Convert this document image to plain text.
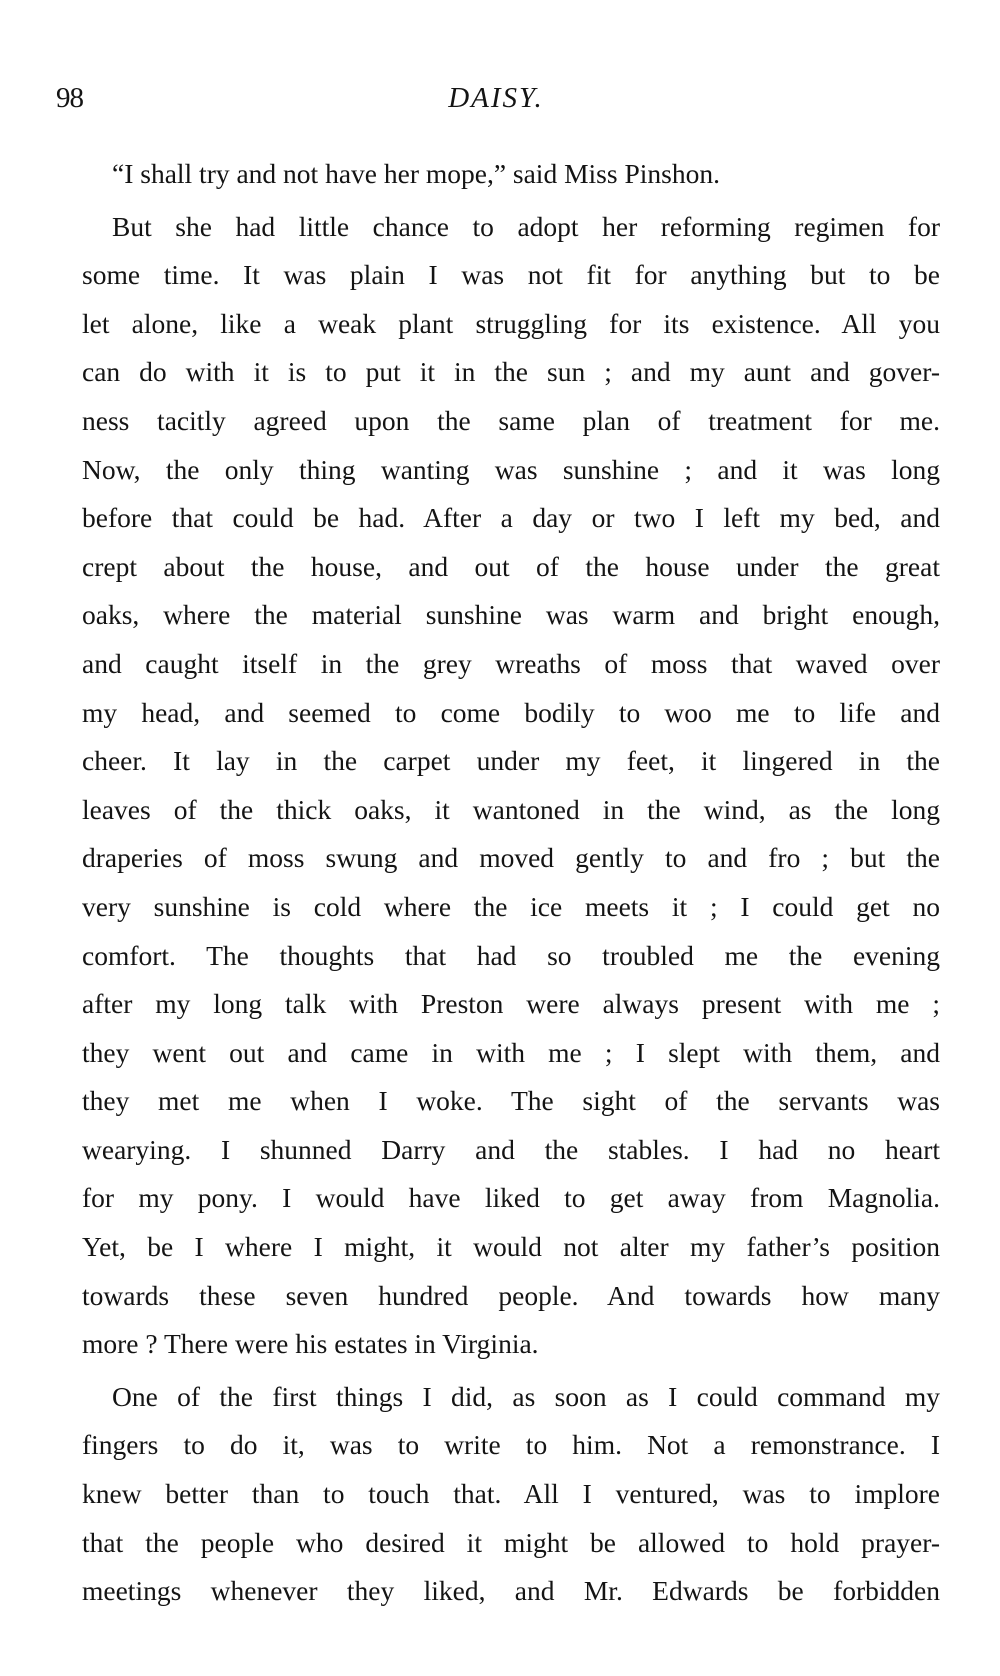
98	DAISY.
“I shall try and not have her mope,” said Miss Pinshon.
But she had little chance to adopt her reforming regimen for
some time. It was plain I was not fit for anything but to be
let alone, like a weak plant struggling for its existence. All you
can do with it is to put it in the sun ; and my aunt and gover-
ness tacitly agreed upon the same plan of treatment for me.
Now, the only thing wanting was sunshine ; and it was long
before that could be had. After a day or two I left my bed, and
crept about the house, and out of the house under the great
oaks, where the material sunshine was warm and bright enough,
and caught itself in the grey wreaths of moss that waved over
my head, and seemed to come bodily to woo me to life and
cheer. It lay in the carpet under my feet, it lingered in the
leaves of the thick oaks, it wantoned in the wind, as the long
draperies of moss swung and moved gently to and fro ; but the
very sunshine is cold where the ice meets it ; I could get no
comfort. The thoughts that had so troubled me the evening
after my long talk with Preston were always present with me ;
they went out and came in with me ; I slept with them, and
they met me when I woke. The sight of the servants was
wearying. I shunned Darry and the stables. I had no heart
for my pony. I would have liked to get away from Magnolia.
Yet, be I where I might, it would not alter my father’s position
towards these seven hundred people. And towards how many
more ? There were his estates in Virginia.
One of the first things I did, as soon as I could command my
fingers to do it, was to write to him. Not a remonstrance. I
knew better than to touch that. All I ventured, was to implore
that the people who desired it might be allowed to hold prayer-
meetings whenever they liked, and Mr. Edwards be forbidden
